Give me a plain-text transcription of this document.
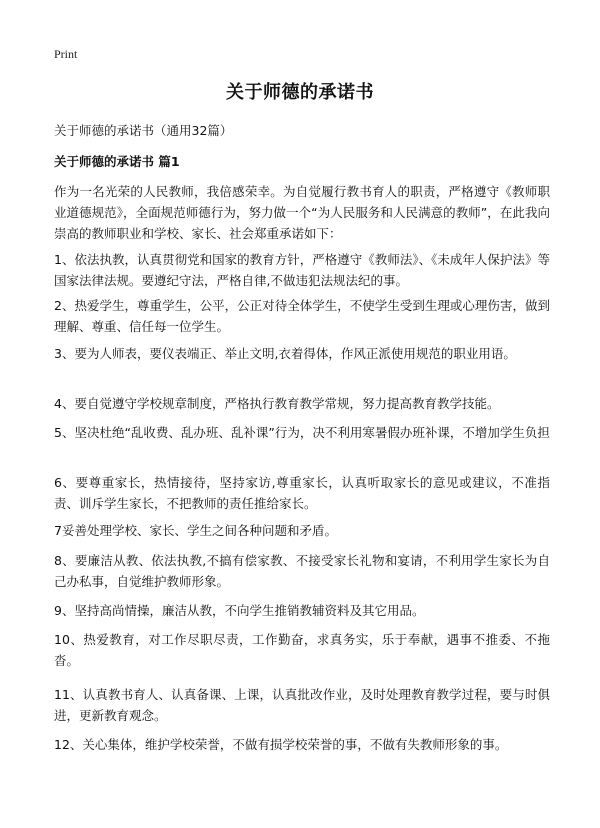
Print
关于师德的承诺书

关于师德的承诺书（通用32篇）

关于师德的承诺书 篇1

作为一名光荣的人民教师，我倍感荣幸。为自觉履行教书育人的职责，严格遵守《教师职业道德规范》，全面规范师德行为，努力做一个“为人民服务和人民满意的教师”，在此我向崇高的教师职业和学校、家长、社会郑重承诺如下：

1、依法执教，认真贯彻党和国家的教育方针，严格遵守《教师法》、《未成年人保护法》等国家法律法规。要遵纪守法，严格自律,不做违犯法规法纪的事。

2、热爱学生，尊重学生，公平，公正对待全体学生，不使学生受到生理或心理伤害，做到理解、尊重、信任每一位学生。

3、要为人师表，要仪表端正、举止文明,衣着得体，作风正派使用规范的职业用语。

4、要自觉遵守学校规章制度，严格执行教育教学常规，努力提高教育教学技能。

5、坚决杜绝“乱收费、乱办班、乱补课”行为，决不利用寒暑假办班补课，不增加学生负担

6、要尊重家长，热情接待，坚持家访,尊重家长，认真听取家长的意见或建议，不准指责、训斥学生家长，不把教师的责任推给家长。

7妥善处理学校、家长、学生之间各种问题和矛盾。

8、要廉洁从教、依法执教,不搞有偿家教、不接受家长礼物和宴请，不利用学生家长为自己办私事，自觉维护教师形象。

9、坚持高尚情操，廉洁从教，不向学生推销教辅资料及其它用品。

10、热爱教育，对工作尽职尽责，工作勤奋，求真务实，乐于奉献，遇事不推委、不拖沓。

11、认真教书育人、认真备课、上课，认真批改作业，及时处理教育教学过程，要与时俱进，更新教育观念。

12、关心集体，维护学校荣誉，不做有损学校荣誉的事，不做有失教师形象的事。
